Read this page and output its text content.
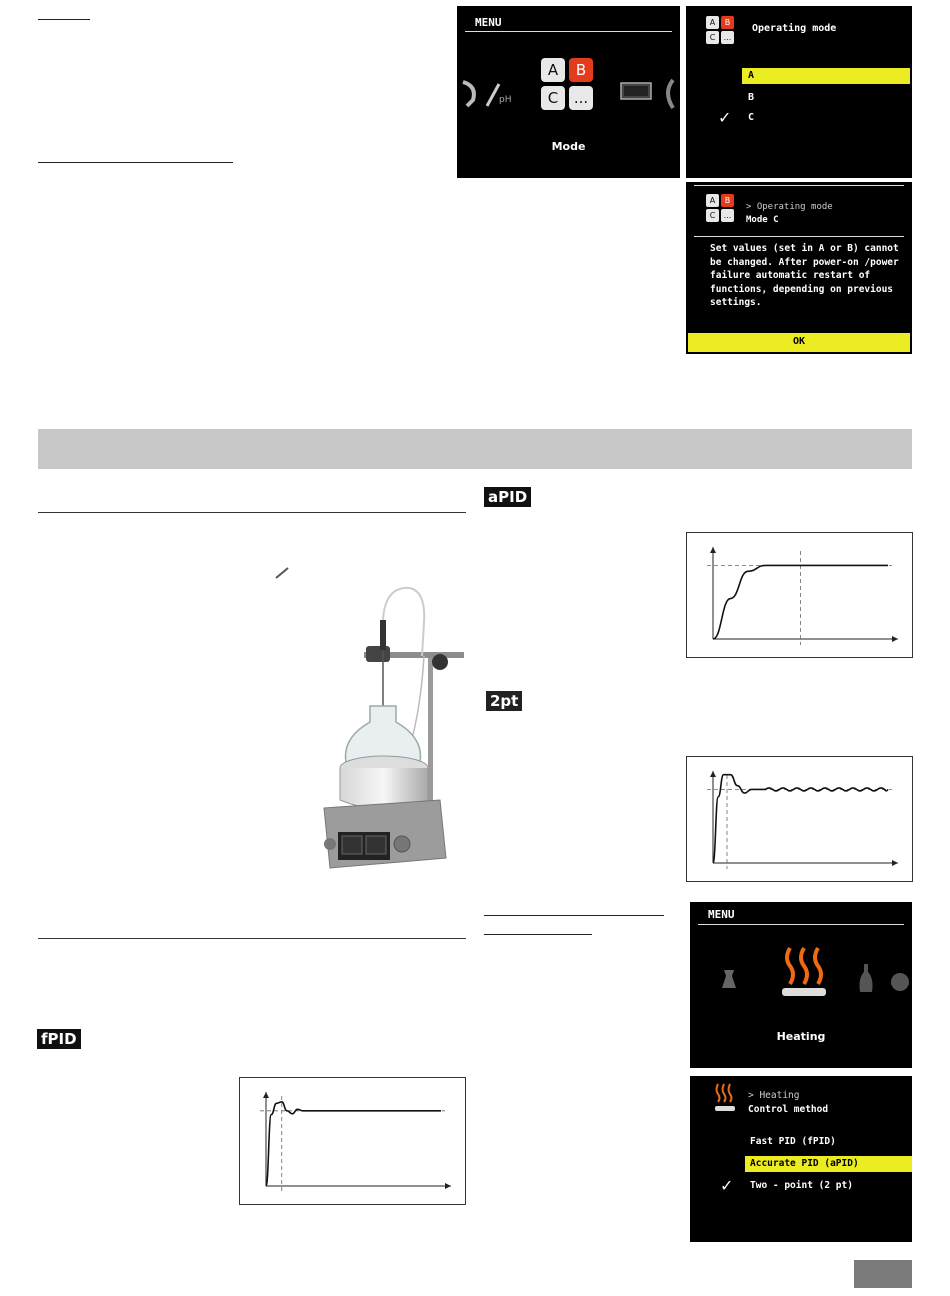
MENU
pH
A	B
C	...
Mode
A	B
C	...
Operating mode
A
B
C
✓
A	B
C	...
> Operating mode
Mode C
Set values (set in A or B) cannot be changed. After power-on /power failure automatic restart of functions, depending on previous settings.
OK
aPID
2pt
fPID
MENU
Heating
> Heating
Control method
Fast PID (fPID)
Accurate PID (aPID)
Two - point (2 pt)
✓
